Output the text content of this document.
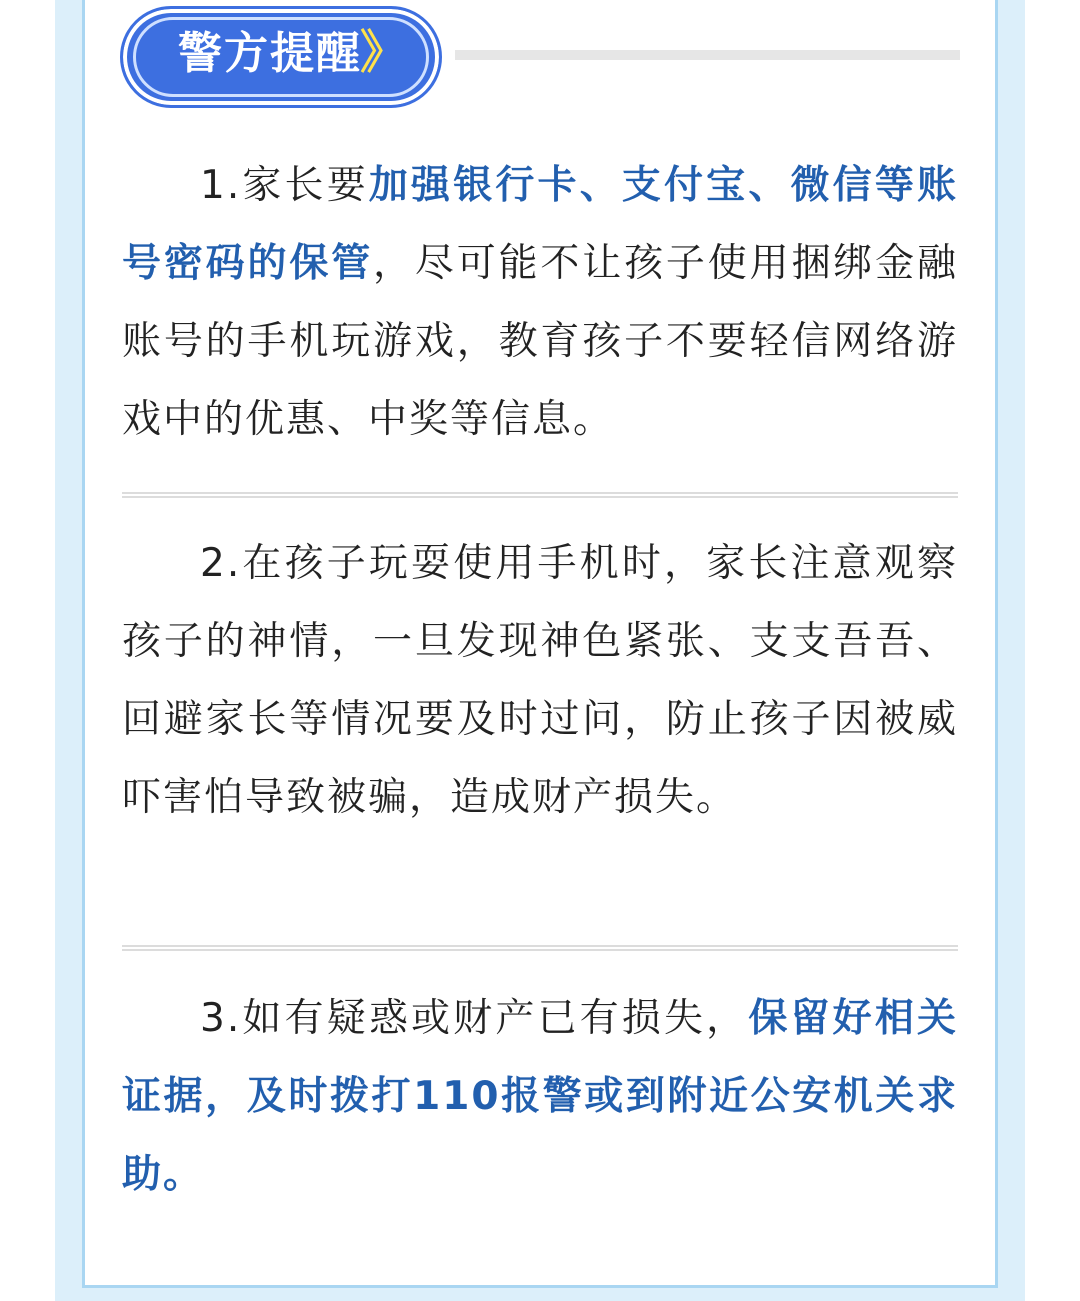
警方提醒
》

1.家长要加强银行卡、支付宝、微信等账号密码的保管，尽可能不让孩子使用捆绑金融账号的手机玩游戏，教育孩子不要轻信网络游戏中的优惠、中奖等信息。

2.在孩子玩耍使用手机时，家长注意观察孩子的神情，一旦发现神色紧张、支支吾吾、回避家长等情况要及时过问，防止孩子因被威吓害怕导致被骗，造成财产损失。

3.如有疑惑或财产已有损失，保留好相关证据，及时拨打110报警或到附近公安机关求助。
